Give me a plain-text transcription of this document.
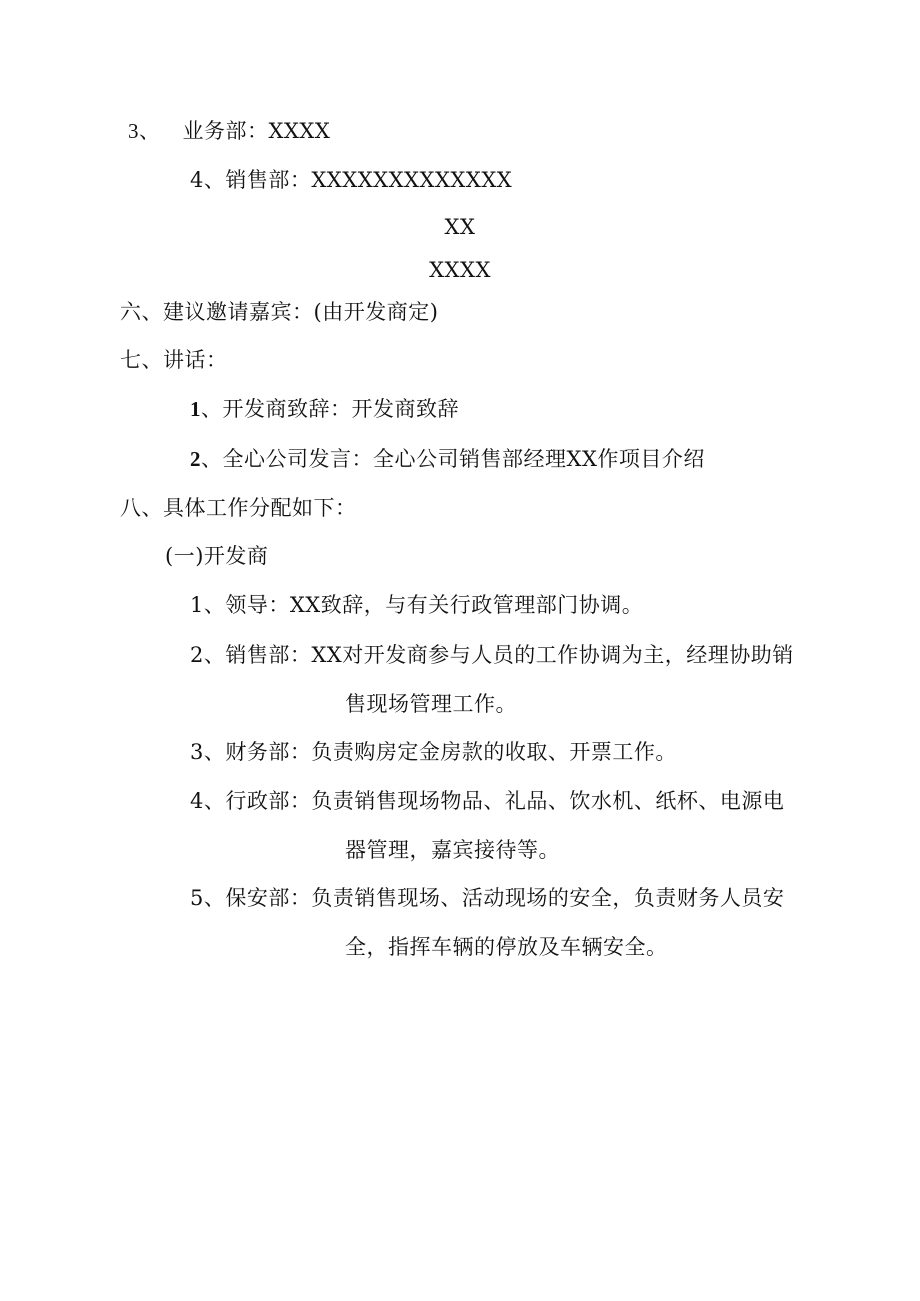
3、 业务部：XXXX
4、销售部：XXXXXXXXXXXXX
XX
XXXX
六、建议邀请嘉宾：(由开发商定)
七、讲话：
1、开发商致辞：开发商致辞
2、全心公司发言：全心公司销售部经理XX作项目介绍
八、具体工作分配如下：
(一)开发商
1、领导：XX致辞，与有关行政管理部门协调。
2、销售部：XX对开发商参与人员的工作协调为主，经理协助销
售现场管理工作。
3、财务部：负责购房定金房款的收取、开票工作。
4、行政部：负责销售现场物品、礼品、饮水机、纸杯、电源电
器管理，嘉宾接待等。
5、保安部：负责销售现场、活动现场的安全，负责财务人员安
全，指挥车辆的停放及车辆安全。
